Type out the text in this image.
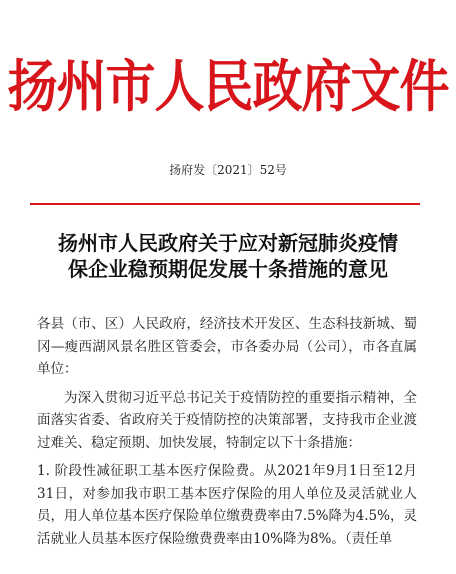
扬州市人民政府文件
扬府发〔2021〕52号
扬州市人民政府关于应对新冠肺炎疫情
保企业稳预期促发展十条措施的意见

各县（市、区）人民政府，经济技术开发区、生态科技新城、蜀冈—瘦西湖风景名胜区管委会，市各委办局（公司），市各直属单位：

为深入贯彻习近平总书记关于疫情防控的重要指示精神，全面落实省委、省政府关于疫情防控的决策部署，支持我市企业渡过难关、稳定预期、加快发展，特制定以下十条措施：

1. 阶段性减征职工基本医疗保险费。从2021年9月1日至12月31日，对参加我市职工基本医疗保险的用人单位及灵活就业人员，用人单位基本医疗保险单位缴费费率由7.5%降为4.5%，灵活就业人员基本医疗保险缴费费率由10%降为8%。（责任单
